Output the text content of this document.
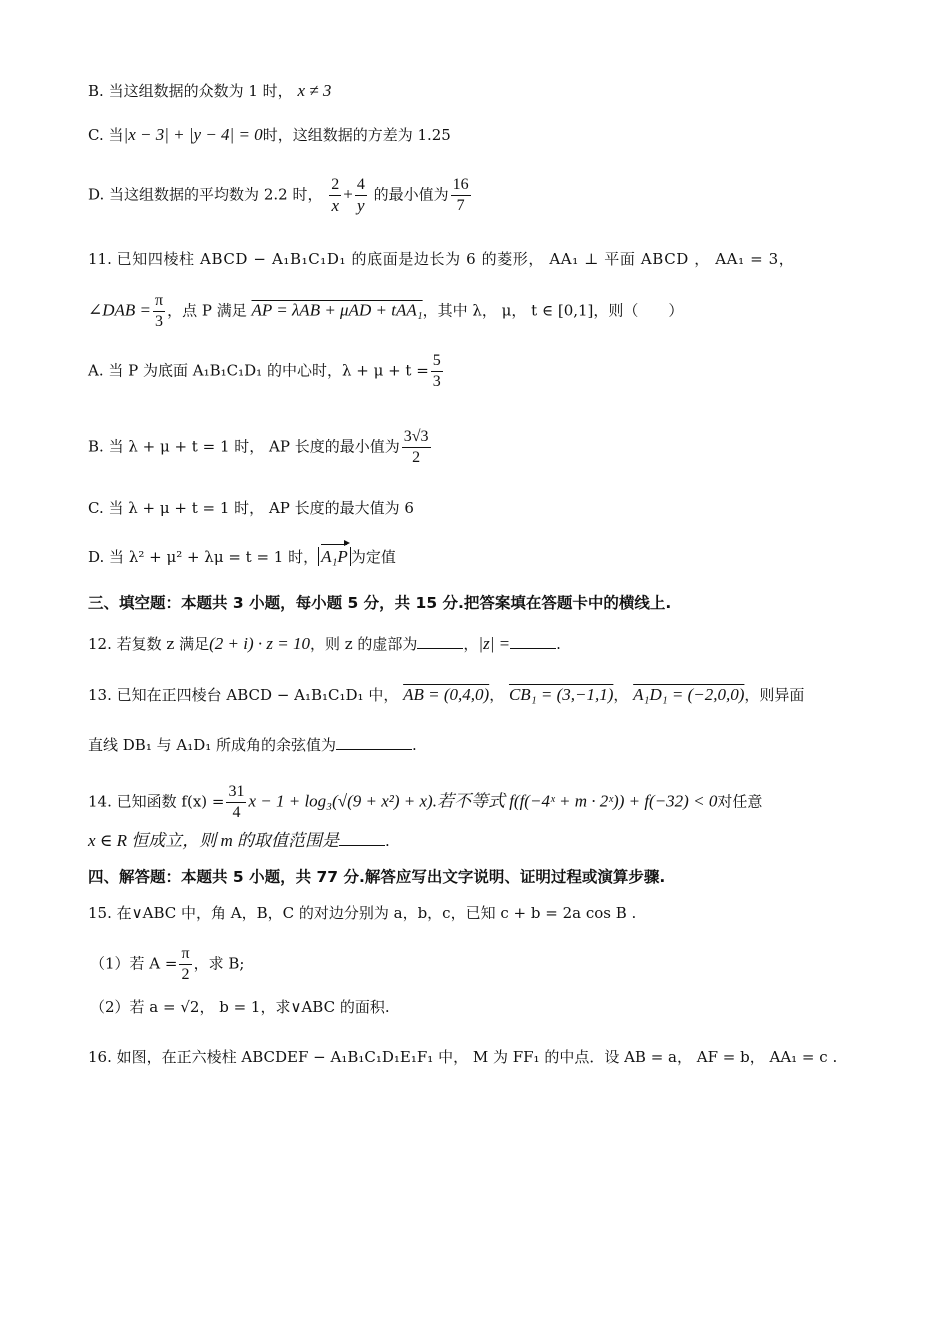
B. 当这组数据的众数为 1 时， x ≠ 3
C. 当|x − 3| + |y − 4| = 0时，这组数据的方差为 1.25
D. 当这组数据的平均数为 2.2 时， $\frac{2}{x} + \frac{4}{y}$ 的最小值为 $\frac{16}{7}$
11. 已知四棱柱 ABCD − A₁B₁C₁D₁ 的底面是边长为 6 的菱形， AA₁ ⊥ 平面 ABCD ， AA₁ = 3，
∠DAB = $\frac{\pi}{3}$ ，点 P 满足 AP = λAB + μAD + tAA₁，其中 λ， μ， t ∈ [0,1]，则（　　）
A. 当 P 为底面 A₁B₁C₁D₁ 的中心时，$\lambda + \mu + t = \frac{5}{3}$
B. 当 λ + μ + t = 1 时， AP 长度的最小值为 $\frac{3√3}{2}$
C. 当 λ + μ + t = 1 时， AP 长度的最大值为 6
D. 当 λ² + μ² + λμ = t = 1 时， A₁P 为定值
三、填空题：本题共 3 小题，每小题 5 分，共 15 分.把答案填在答题卡中的横线上.
12. 若复数 z 满足(2 + i) · z = 10，则 z 的虚部为	，|z| =	.
13. 已知在正四棱台 ABCD − A₁B₁C₁D₁ 中， AB = (0,4,0)， CB₁ = (3,−1,1)， A₁D₁ = (−2,0,0)，则异面
直线 DB₁ 与 A₁D₁ 所成角的余弦值为	.
14. 已知函数 $f(x) = \frac{31}{4}$ x − 1 + log₃(√(9 + x²) + x).若不等式 f(f(−4ˣ + m · 2ˣ)) + f(−32) < 0对任意
x ∈ R 恒成立，则 m 的取值范围是	.
四、解答题：本题共 5 小题，共 77 分.解答应写出文字说明、证明过程或演算步骤.
15. 在∨ABC 中，角 A，B，C 的对边分别为 a，b，c，已知 c + b = 2a cos B .
（1）若 $A = \frac{\pi}{2}$ ，求 B;
（2）若 a = √2， b = 1，求∨ABC 的面积.
16. 如图，在正六棱柱 ABCDEF − A₁B₁C₁D₁E₁F₁ 中， M 为 FF₁ 的中点．设 AB = a， AF = b， AA₁ = c .
